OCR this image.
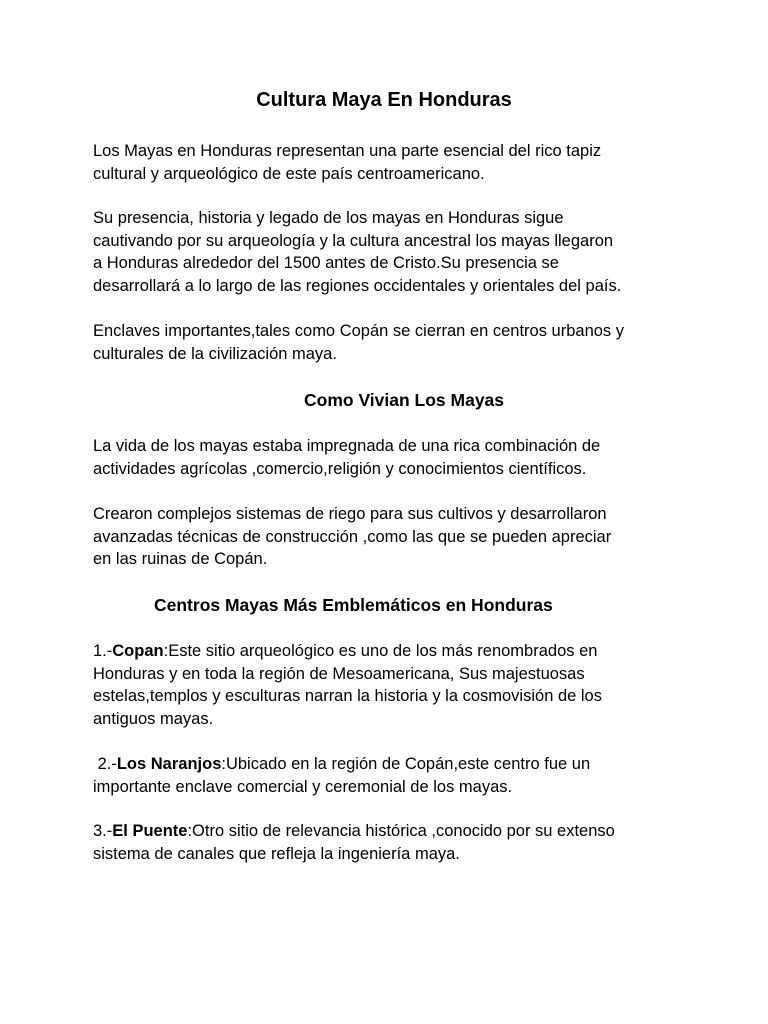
Cultura Maya En Honduras

Los Mayas en Honduras representan una parte esencial del rico tapiz
cultural y arqueológico de este país centroamericano.

Su presencia, historia y legado de los mayas en Honduras sigue
cautivando por su arqueología y la cultura ancestral los mayas llegaron
a Honduras alrededor del 1500 antes de Cristo.Su presencia se
desarrollará a lo largo de las regiones occidentales y orientales del país.

Enclaves importantes,tales como Copán se cierran en centros urbanos y
culturales de la civilización maya.

Como Vivian Los Mayas

La vida de los mayas estaba impregnada de una rica combinación de
actividades agrícolas ,comercio,religión y conocimientos científicos.

Crearon complejos sistemas de riego para sus cultivos y desarrollaron
avanzadas técnicas de construcción ,como las que se pueden apreciar
en las ruinas de Copán.

Centros Mayas Más Emblemáticos en Honduras

1.-Copan:Este sitio arqueológico es uno de los más renombrados en
Honduras y en toda la región de Mesoamericana, Sus majestuosas
estelas,templos y esculturas narran la historia y la cosmovisión de los
antiguos mayas.

2.-Los Naranjos:Ubicado en la región de Copán,este centro fue un
importante enclave comercial y ceremonial de los mayas.

3.-El Puente:Otro sitio de relevancia histórica ,conocido por su extenso
sistema de canales que refleja la ingeniería maya.
